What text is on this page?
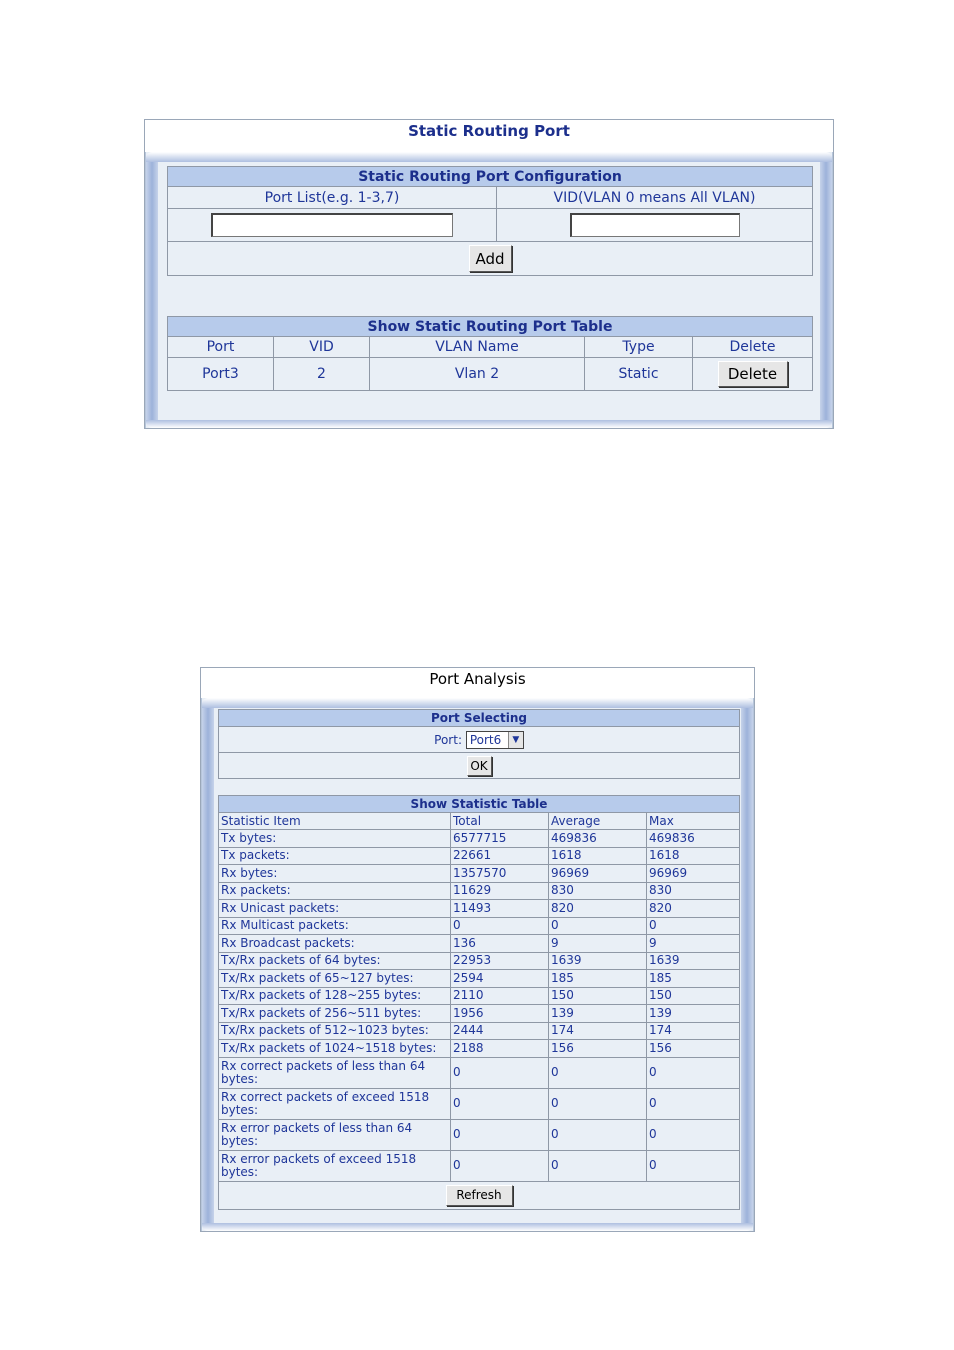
Static Routing Port
Static Routing Port Configuration	
Port List(e.g. 1-3,7)	VID(VLAN 0 means All VLAN)

Add	
Show Static Routing Port Table				
Port	VID	VLAN Name	Type	Delete
Port3	2	Vlan 2	Static	Delete
Port Analysis
Port Selecting
Port: Port6	▼

OK
Show Statistic Table			
Statistic Item	Total	Average	Max
Tx bytes:	6577715	469836	469836
Tx packets:	22661	1618	1618
Rx bytes:	1357570	96969	96969
Rx packets:	11629	830	830
Rx Unicast packets:	11493	820	820
Rx Multicast packets:	0	0	0
Rx Broadcast packets:	136	9	9
Tx/Rx packets of 64 bytes:	22953	1639	1639
Tx/Rx packets of 65~127 bytes:	2594	185	185
Tx/Rx packets of 128~255 bytes:	2110	150	150
Tx/Rx packets of 256~511 bytes:	1956	139	139
Tx/Rx packets of 512~1023 bytes:	2444	174	174
Tx/Rx packets of 1024~1518 bytes:	2188	156	156
Rx correct packets of less than 64 bytes:	0	0	0
Rx correct packets of exceed 1518 bytes:	0	0	0
Rx error packets of less than 64 bytes:	0	0	0
Rx error packets of exceed 1518 bytes:	0	0	0
Refresh			
